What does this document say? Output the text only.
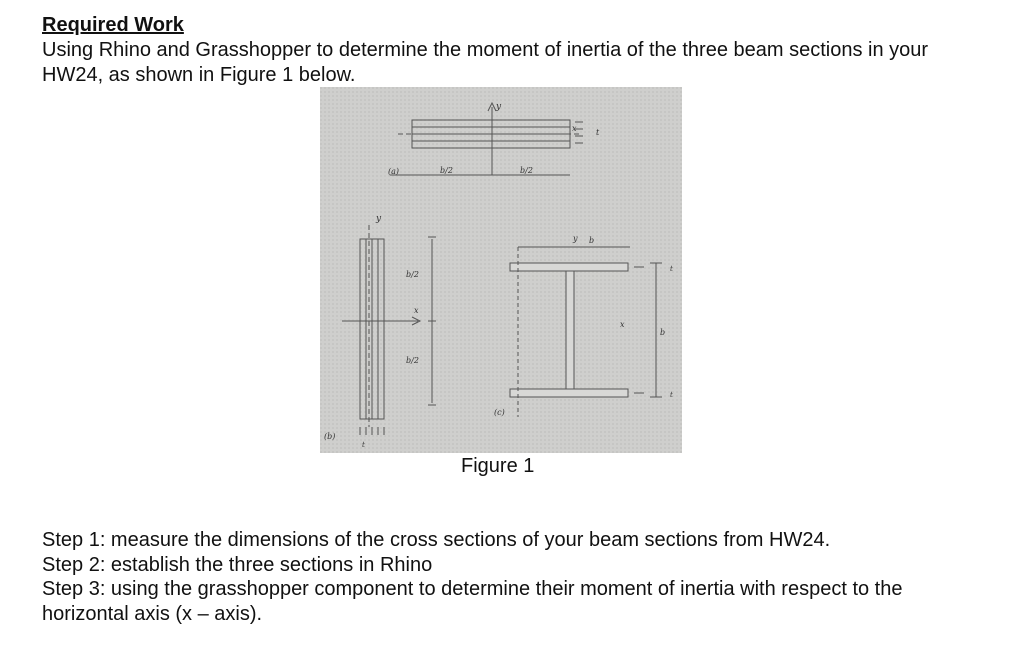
Required Work
Using Rhino and Grasshopper to determine the moment of inertia of the three beam sections in your HW24, as shown in Figure 1 below.
y
x
(a)	b/2	b/2
t
y
x
b/2
b/2
(b)
t
y b
x
b
t
t
(c)
Figure 1
Step 1: measure the dimensions of the cross sections of your beam sections from HW24.
Step 2: establish the three sections in Rhino
Step 3: using the grasshopper component to determine their moment of inertia with respect to the horizontal axis (x – axis).
